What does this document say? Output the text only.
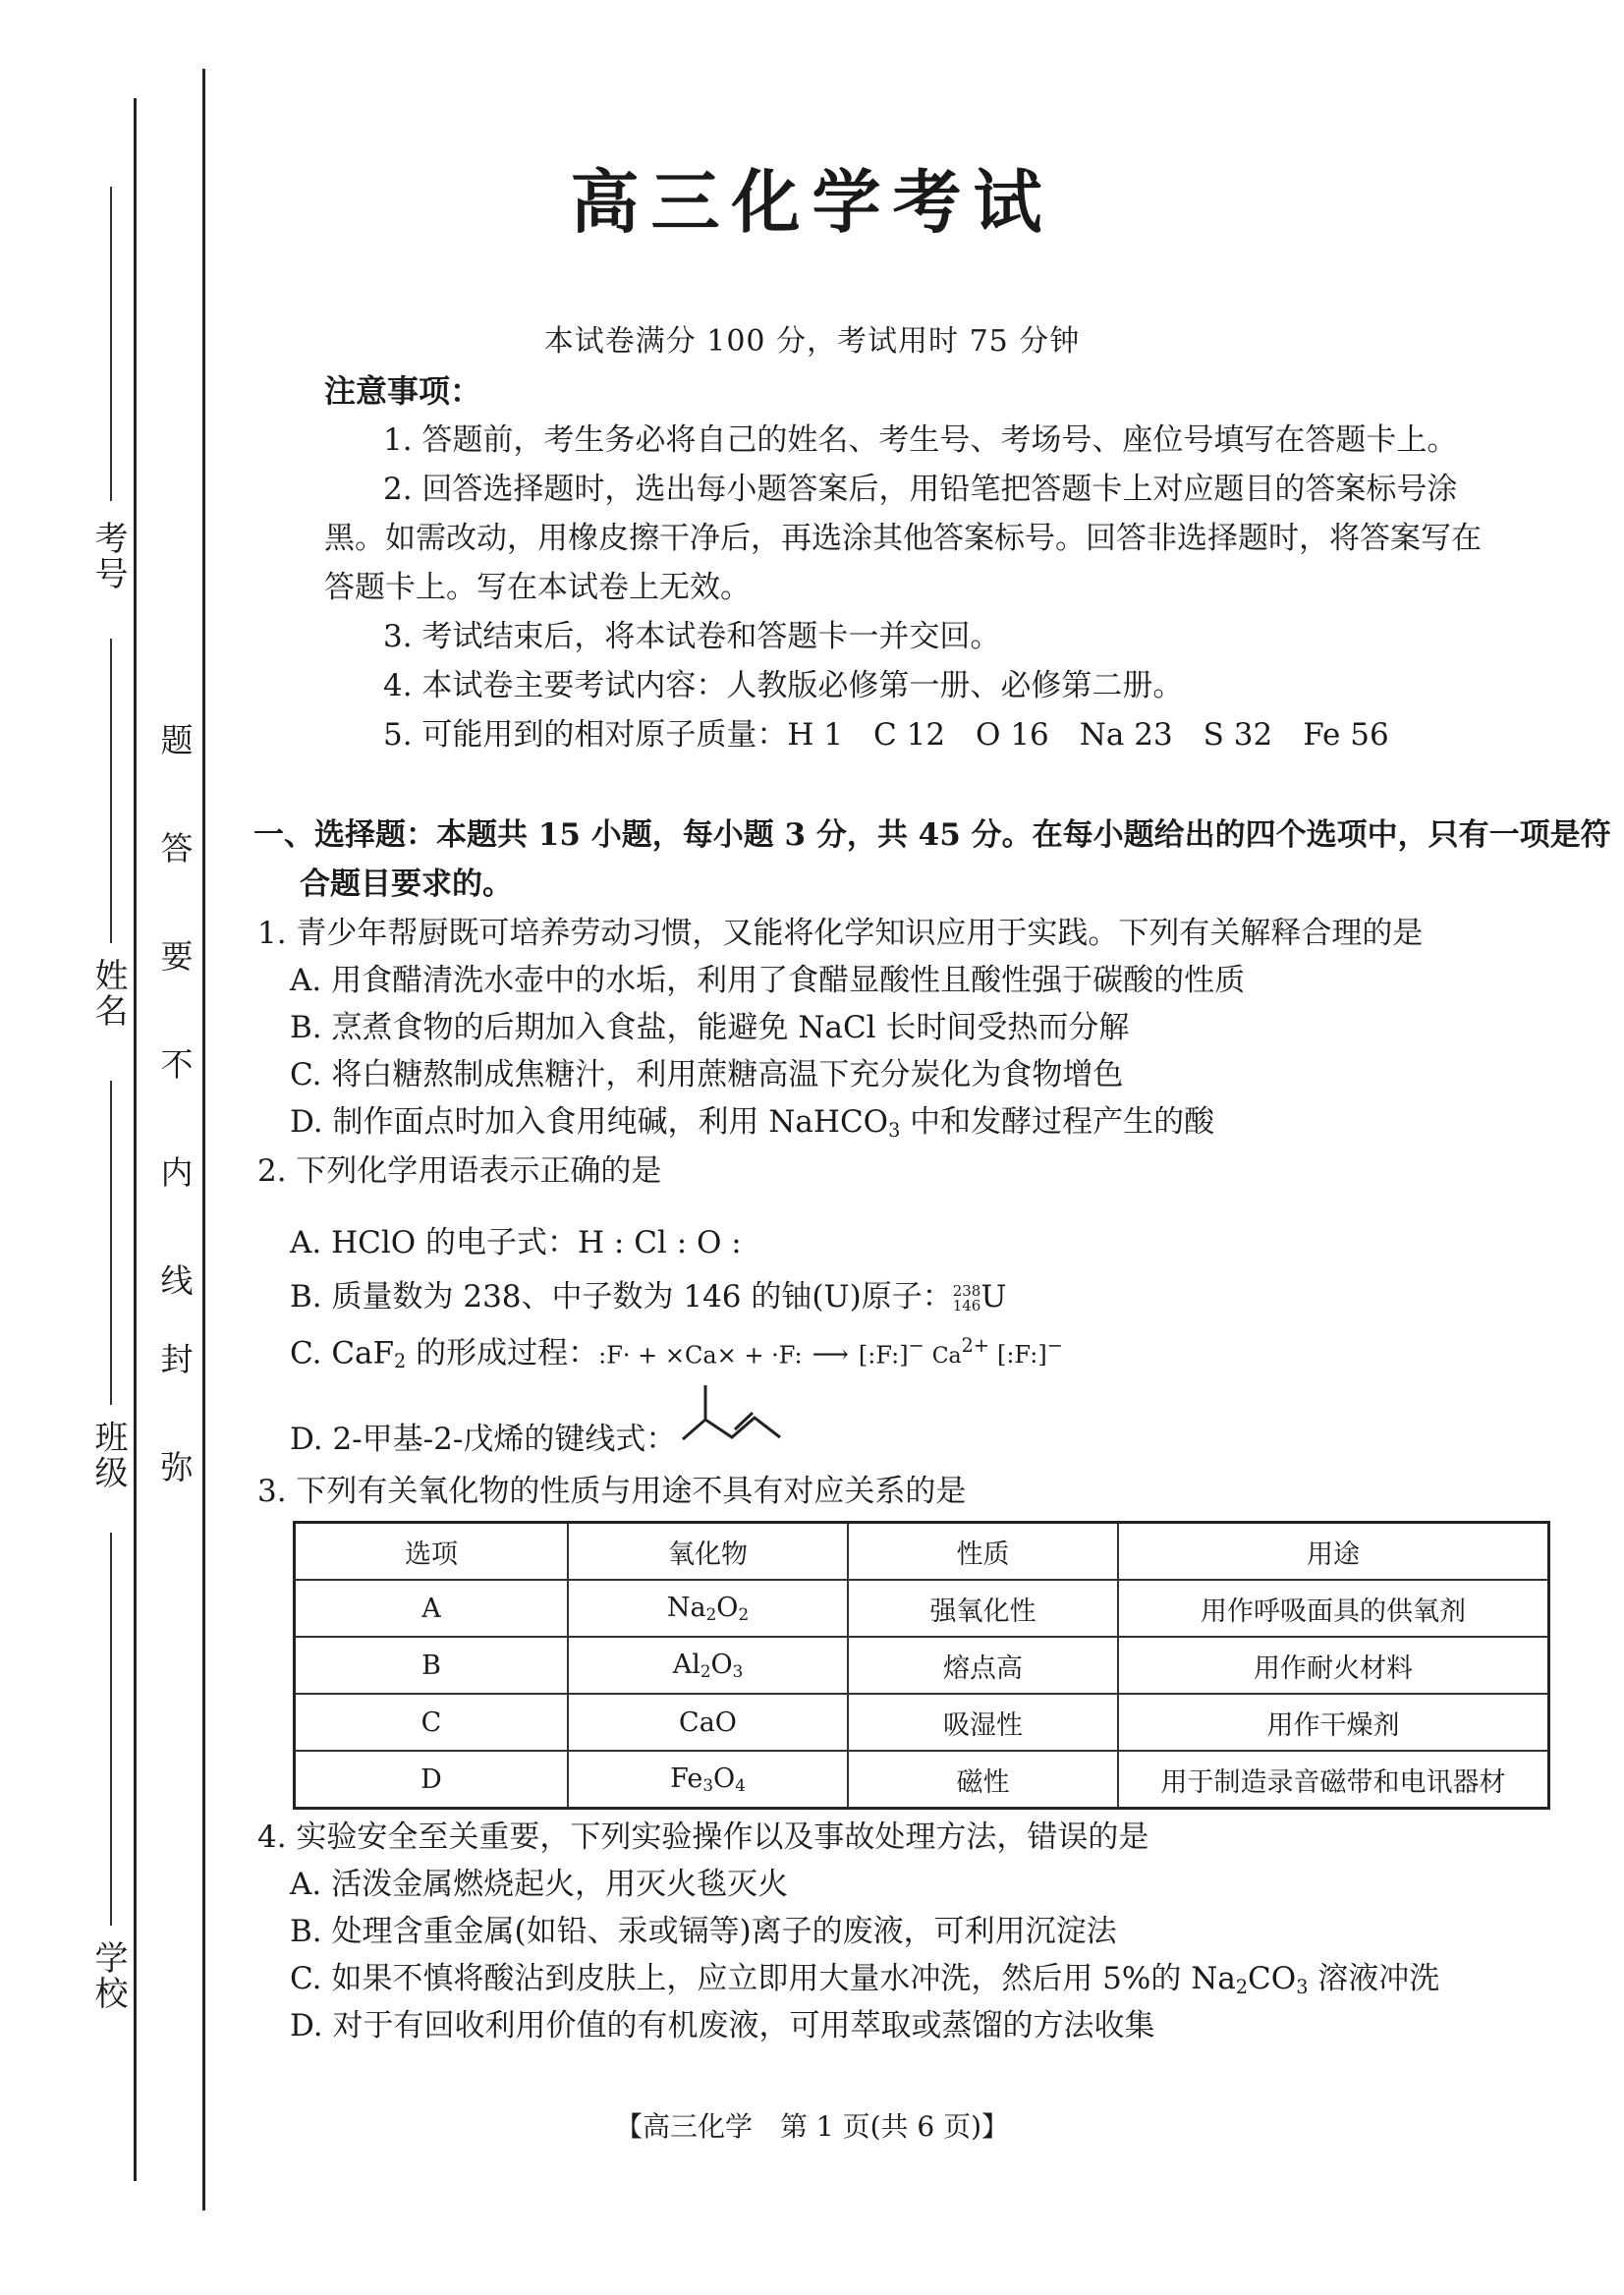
考号
姓名
班级
学校
题
答
要
不
内
线
封
弥
高三化学考试
本试卷满分 100 分，考试用时 75 分钟
注意事项：
1. 答题前，考生务必将自己的姓名、考生号、考场号、座位号填写在答题卡上。
2. 回答选择题时，选出每小题答案后，用铅笔把答题卡上对应题目的答案标号涂
黑。如需改动，用橡皮擦干净后，再选涂其他答案标号。回答非选择题时，将答案写在
答题卡上。写在本试卷上无效。
3. 考试结束后，将本试卷和答题卡一并交回。
4. 本试卷主要考试内容：人教版必修第一册、必修第二册。
5. 可能用到的相对原子质量：H 1　C 12　O 16　Na 23　S 32　Fe 56
一、选择题：本题共 15 小题，每小题 3 分，共 45 分。在每小题给出的四个选项中，只有一项是符
合题目要求的。
1. 青少年帮厨既可培养劳动习惯，又能将化学知识应用于实践。下列有关解释合理的是
A. 用食醋清洗水壶中的水垢，利用了食醋显酸性且酸性强于碳酸的性质
B. 烹煮食物的后期加入食盐，能避免 NaCl 长时间受热而分解
C. 将白糖熬制成焦糖汁，利用蔗糖高温下充分炭化为食物增色
D. 制作面点时加入食用纯碱，利用 NaHCO$_3$ 中和发酵过程产生的酸
2. 下列化学用语表示正确的是
A. HClO 的电子式：H : Cl : O :
B. 质量数为 238、中子数为 146 的铀(U)原子： 238
146 U
C. CaF$_2$ 的形成过程：:F· + ×Ca× + ·F: ⟶ [:F:]− $Ca^{2+}$ [:F:]−
D. 2-甲基-2-戊烯的键线式：
3. 下列有关氧化物的性质与用途不具有对应关系的是
选项	氧化物	性质	用途
A	$Na_2O_2$	强氧化性	用作呼吸面具的供氧剂
B	$Al_2O_3$	熔点高	用作耐火材料
C	CaO	吸湿性	用作干燥剂
D	$Fe_3O_4$	磁性	用于制造录音磁带和电讯器材
4. 实验安全至关重要，下列实验操作以及事故处理方法，错误的是
A. 活泼金属燃烧起火，用灭火毯灭火
B. 处理含重金属(如铅、汞或镉等)离子的废液，可利用沉淀法
C. 如果不慎将酸沾到皮肤上，应立即用大量水冲洗，然后用 5%的 $Na_2CO_3$ 溶液冲洗
D. 对于有回收利用价值的有机废液，可用萃取或蒸馏的方法收集
【高三化学　第 1 页(共 6 页)】
